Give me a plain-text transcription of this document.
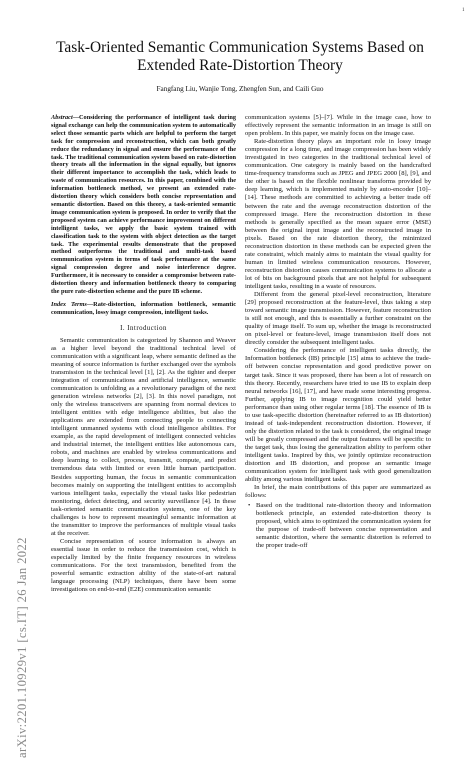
1
arXiv:2201.10929v1 [cs.IT] 26 Jan 2022
Task-Oriented Semantic Communication Systems Based on Extended Rate-Distortion Theory
Fangfang Liu, Wanjie Tong, Zhengfen Sun, and Caili Guo
Abstract—Considering the performance of intelligent task during signal exchange can help the communication system to automatically select those semantic parts which are helpful to perform the target task for compression and reconstruction, which can both greatly reduce the redundancy in signal and ensure the performance of the task. The traditional communication system based on rate-distortion theory treats all the information in the signal equally, but ignores their different importance to accomplish the task, which leads to waste of communication resources. In this paper, combined with the information bottleneck method, we present an extended rate-distortion theory which considers both concise representation and semantic distortion. Based on this theory, a task-oriented semantic image communication system is proposed. In order to verify that the proposed system can achieve performance improvement on different intelligent tasks, we apply the basic system trained with classification task to the system with object detection as the target task. The experimental results demonstrate that the proposed method outperforms the traditional and multi-task based communication system in terms of task performance at the same signal compression degree and noise interference degree. Furthermore, it is necessary to consider a compromise between rate-distortion theory and information bottleneck theory to comparing the pure rate-distortion scheme and the pure IB scheme.
Index Terms—Rate-distortion, information bottleneck, semantic communication, lossy image compression, intelligent tasks.
I. Introduction

Semantic communication is categorized by Shannon and Weaver as a higher level beyond the traditional technical level of communication with a significant leap, where semantic defined as the meaning of source information is further exchanged over the symbols transmission in the technical level [1], [2]. As the tighter and deeper integration of communications and artificial intelligence, semantic communication is unfolding as a revolutionary paradigm of the next generation wireless networks [2], [3]. In this novel paradigm, not only the wireless transceivers are spanning from normal devices to intelligent entities with edge intelligence abilities, but also the applications are extended from connecting people to connecting intelligent unmanned systems with cloud intelligence abilities. For example, as the rapid development of intelligent connected vehicles and industrial internet, the intelligent entities like autonomous cars, robots, and machines are enabled by wireless communications and deep learning to collect, process, transmit, compute, and predict tremendous data with limited or even little human participation. Besides supporting human, the focus in semantic communication becomes mainly on supporting the intelligent entities to accomplish various intelligent tasks, especially the visual tasks like pedestrian monitoring, defect detecting, and security surveillance [4]. In these task-oriented semantic communication systems, one of the key challenges is how to represent meaningful semantic information at the transmitter to improve the performances of multiple visual tasks at the receiver.

Concise representation of source information is always an essential issue in order to reduce the transmission cost, which is especially limited by the finite frequency resources in wireless communications. For the text transmission, benefited from the powerful semantic extraction ability of the state-of-art natural language processing (NLP) techniques, there have been some investigations on end-to-end (E2E) communication semantic

communication systems [5]–[7]. While in the image case, how to effectively represent the semantic information in an image is still on open problem. In this paper, we mainly focus on the image case.

Rate-distortion theory plays an important role in lossy image compression for a long time, and image compression has been widely investigated in two categories in the traditional technical level of communication. One category is mainly based on the handcrafted time-frequency transforms such as JPEG and JPEG 2000 [8], [9], and the other is based on the flexible nonlinear transforms provided by deep learning, which is implemented mainly by auto-encoder [10]–[14]. These methods are committed to achieving a better trade off between the rate and the average reconstruction distortion of the compressed image. Here the reconstruction distortion in these methods is generally specified as the mean square error (MSE) between the original input image and the reconstructed image in pixels. Based on the rate distortion theory, the minimized reconstruction distortion in these methods can be expected given the rate constraint, which mainly aims to maintain the visual quality for human in limited wireless communication resources. However, reconstruction distortion causes communication systems to allocate a lot of bits on background pixels that are not helpful for subsequent intelligent tasks, resulting in a waste of resources.

Different from the general pixel-level reconstruction, literature [29] proposed reconstruction at the feature-level, thus taking a step toward semantic image transmission. However, feature reconstruction is still not enough, and this is essentially a further constraint on the quality of image itself. To sum up, whether the image is reconstructed on pixel-level or feature-level, image transmission itself does not directly consider the subsequent intelligent tasks.

Considering the performance of intelligent tasks directly, the Information bottleneck (IB) principle [15] aims to achieve the trade-off between concise representation and good predictive power on target task. Since it was proposed, there has been a lot of research on this theory. Recently, researchers have tried to use IB to explain deep neural networks [16], [17], and have made some interesting progress. Further, applying IB to image recognition could yield better performance than using other regular terms [18]. The essence of IB is to use task-specific distortion (hereinafter referred to as IB distortion) instead of task-independent reconstruction distortion. However, if only the distortion related to the task is considered, the original image will be greatly compressed and the output features will be specific to the target task, thus losing the generalization ability to perform other intelligent tasks. Inspired by this, we jointly optimize reconstruction distortion and IB distortion, and propose an semantic image communication system for intelligent task with good generalization ability among various intelligent tasks.

In brief, the main contributions of this paper are summarized as follows:

• Based on the traditional rate-distortion theory and information bottleneck principle, an extended rate-distortion theory is proposed, which aims to optimized the communication system for the purpose of trade-off between concise representation and semantic distortion, where the semantic distortion is referred to the proper trade-off
